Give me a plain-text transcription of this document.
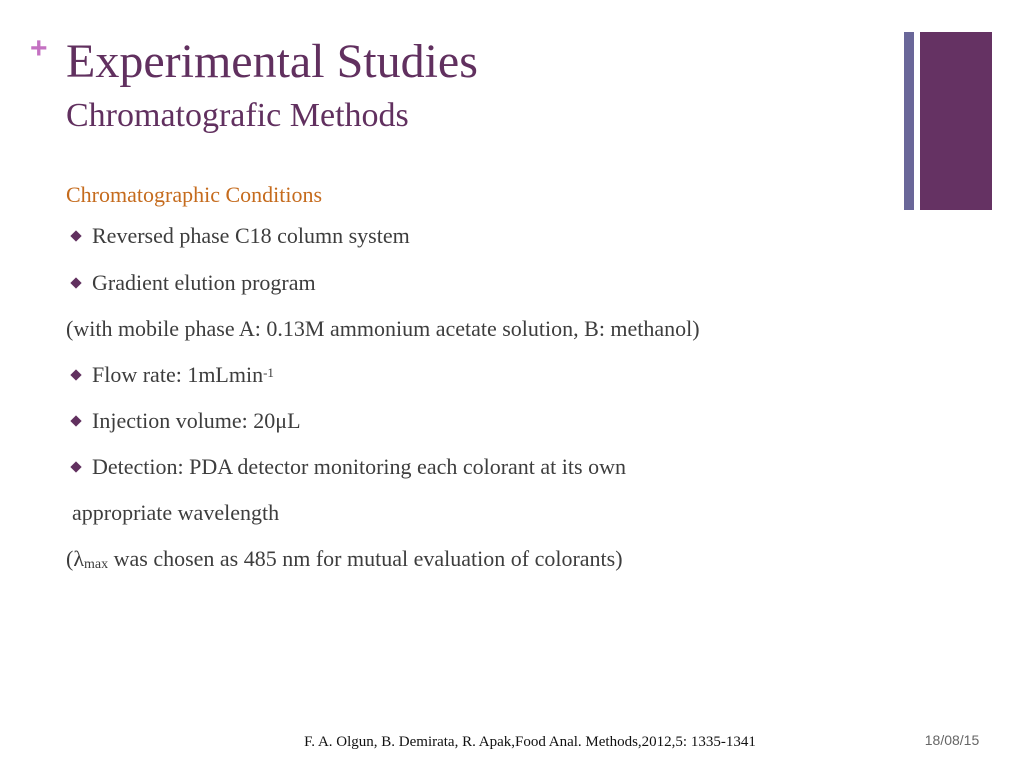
+ Experimental Studies
Chromatografic Methods
Chromatographic Conditions
Reversed phase C18 column system
Gradient elution program
(with mobile phase A: 0.13M ammonium acetate solution, B: methanol)
Flow rate: 1mLmin$^{-1}$
Injection volume: 20μL
Detection: PDA detector monitoring each colorant at its own
appropriate wavelength
(λ max was chosen as 485 nm for mutual evaluation of colorants)
F. A. Olgun, B. Demirata, R. Apak,Food Anal. Methods,2012,5: 1335-1341	18/08/15
